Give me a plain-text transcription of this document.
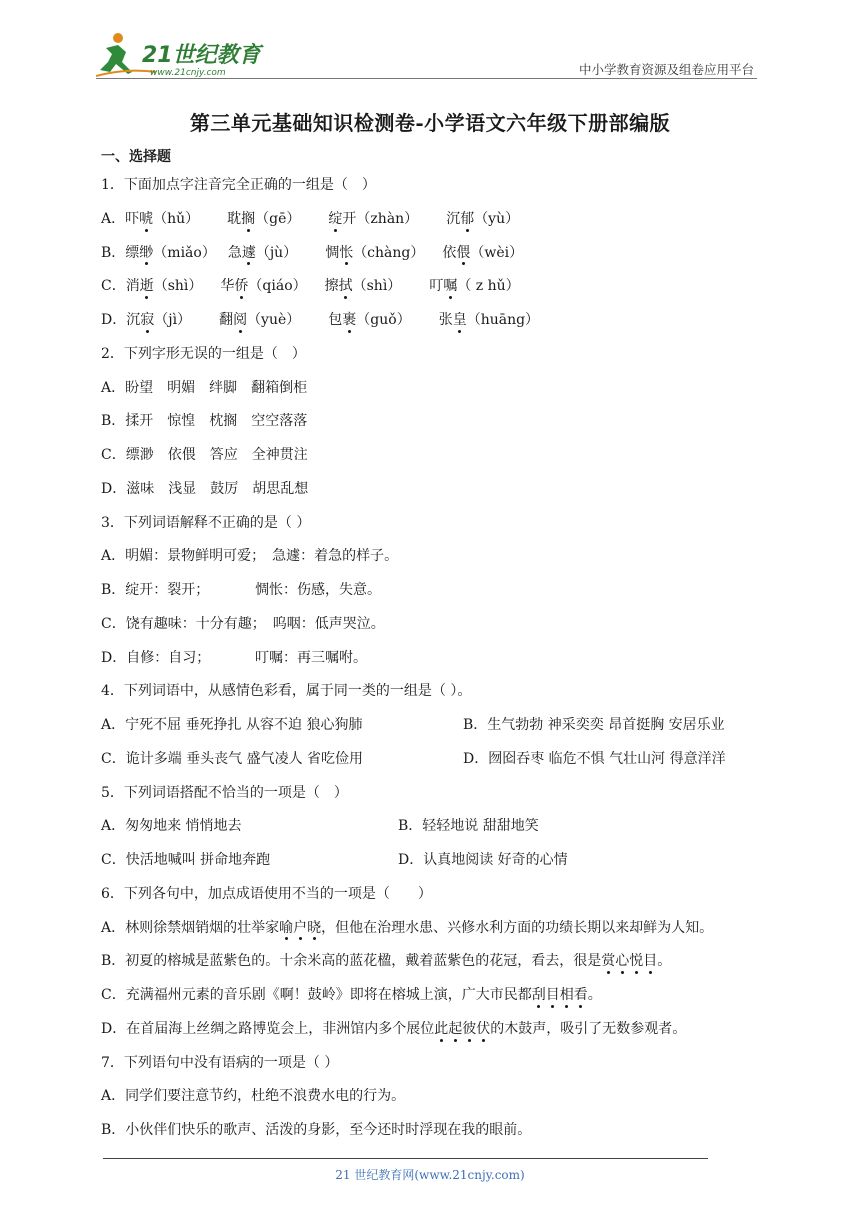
21世纪教育
www.21cnjy.com	中小学教育资源及组卷应用平台
第三单元基础知识检测卷-小学语文六年级下册部编版
一、选择题
1．下面加点字注音完全正确的一组是（　）
A．吓唬（hǔ） 耽搁（gē） 绽开（zhàn） 沉郁（yù）
B．缥缈（miǎo） 急遽（jù） 惆怅（chàng） 依偎（wèi）
C．消逝（shì） 华侨（qiáo） 擦拭（shì） 叮嘱（ z hǔ）
D．沉寂（jì） 翻阅（yuè） 包裹（guǒ） 张皇（huāng）
2．下列字形无误的一组是（　）
A．盼望　明媚　绊脚　翻箱倒柜
B．揉开　惊惶　枕搁　空空落落
C．缥渺　依偎　答应　全神贯注
D．滋味　浅显　鼓厉　胡思乱想
3．下列词语解释不正确的是（ ）
A．明媚：景物鲜明可爱；　急遽：着急的样子。
B．绽开：裂开；	惆怅：伤感，失意。
C．饶有趣味：十分有趣；　呜咽：低声哭泣。
D．自修：自习；	叮嘱：再三嘱咐。
4．下列词语中，从感情色彩看，属于同一类的一组是（ ）。
A．宁死不屈 垂死挣扎 从容不迫 狼心狗肺	B．生气勃勃 神采奕奕 昂首挺胸 安居乐业
C．诡计多端 垂头丧气 盛气凌人 省吃俭用	D．囫囵吞枣 临危不惧 气壮山河 得意洋洋
5．下列词语搭配不恰当的一项是（　）
A．匆匆地来 悄悄地去	B．轻轻地说 甜甜地笑
C．快活地喊叫 拼命地奔跑	D．认真地阅读 好奇的心情
6．下列各句中，加点成语使用不当的一项是（　　）
A．林则徐禁烟销烟的壮举家喻户晓，但他在治理水患、兴修水利方面的功绩长期以来却鲜为人知。
B．初夏的榕城是蓝紫色的。十余米高的蓝花楹，戴着蓝紫色的花冠，看去，很是赏心悦目。
C．充满福州元素的音乐剧《啊！鼓岭》即将在榕城上演，广大市民都刮目相看。
D．在首届海上丝绸之路博览会上，非洲馆内多个展位此起彼伏的木鼓声，吸引了无数参观者。
7．下列语句中没有语病的一项是（ ）
A．同学们要注意节约，杜绝不浪费水电的行为。
B．小伙伴们快乐的歌声、活泼的身影，至今还时时浮现在我的眼前。
21 世纪教育网(www.21cnjy.com)
